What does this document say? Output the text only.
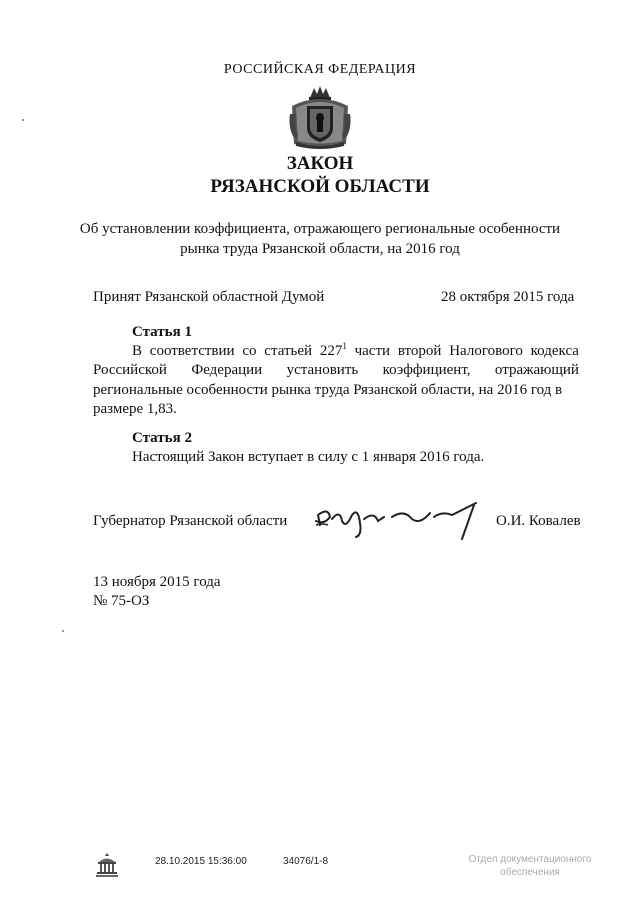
РОССИЙСКАЯ ФЕДЕРАЦИЯ
ЗАКОН
РЯЗАНСКОЙ ОБЛАСТИ
Об установлении коэффициента, отражающего региональные особенности
рынка труда Рязанской области, на 2016 год
Принят Рязанской областной Думой	28 октября 2015 года
Статья 1
В соответствии со статьей $227^1$ части второй Налогового кодекса
Российской Федерации установить коэффициент, отражающий
региональные особенности рынка труда Рязанской области, на 2016 год в размере 1,83.
Статья 2
Настоящий Закон вступает в силу с 1 января 2016 года.
Губернатор Рязанской области	О.И. Ковалев
13 ноября 2015 года
№ 75-ОЗ
28.10.2015 15:36:00	34076/1-8	Отдел документационного обеспечения
